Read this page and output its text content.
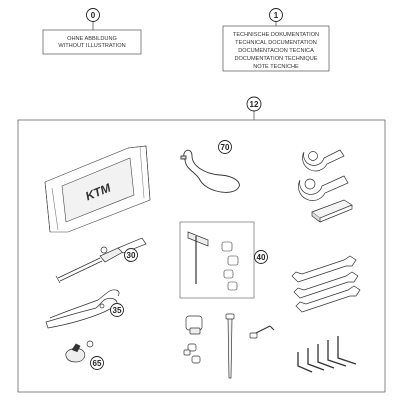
0
OHNE ABBILDUNG
WITHOUT ILLUSTRATION
1
TECHNISCHE DOKUMENTATION
TECHNICAL DOCUMENTATION
DOCUMENTACION TECNICA
DOCUMENTATION TECHNIQUE
NOTE TECNICHE
12
KTM
70
30	40
35
65
